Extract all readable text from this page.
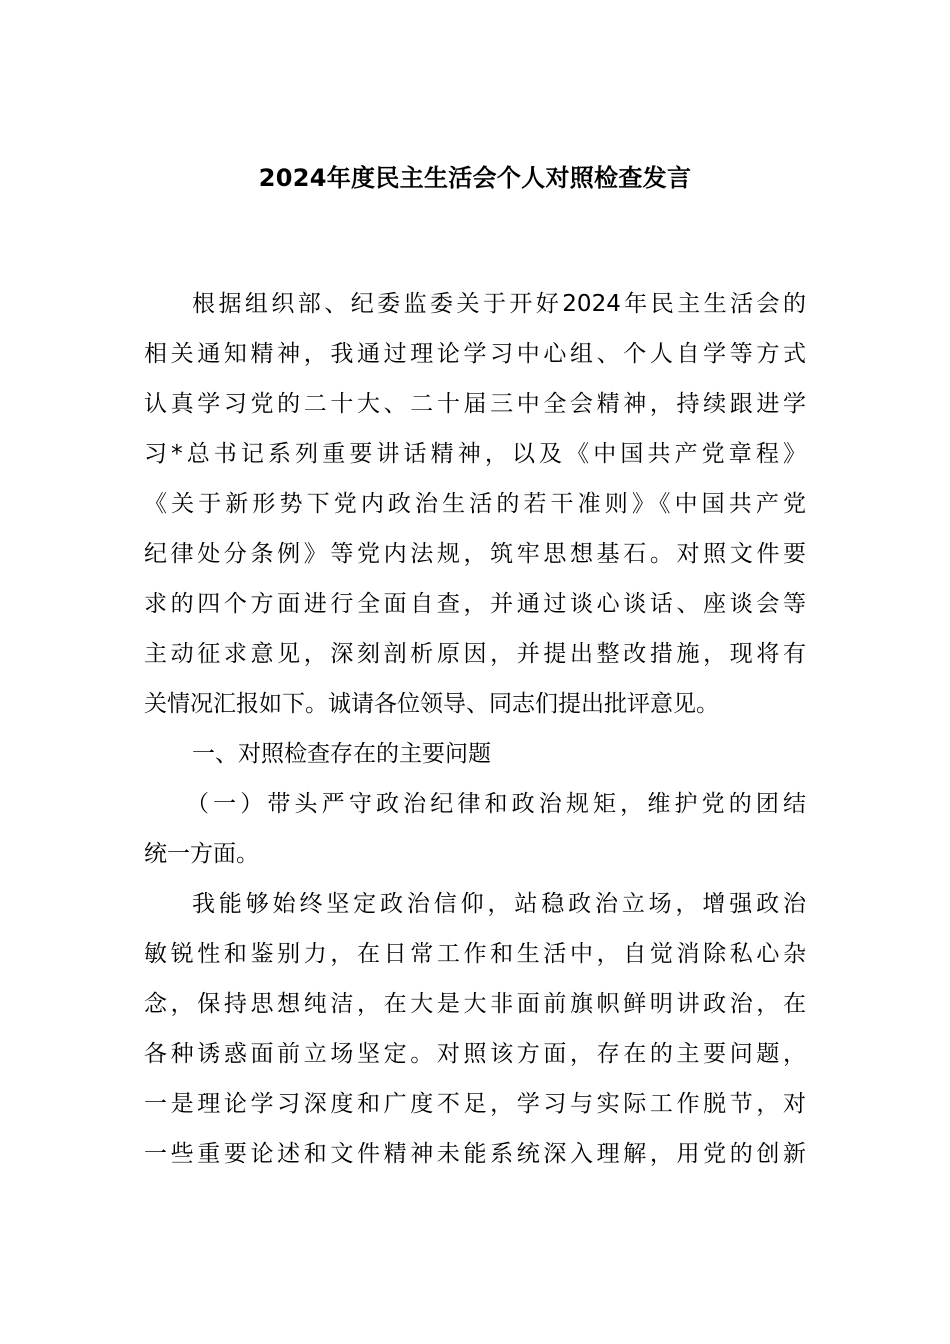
2024年度民主生活会个人对照检查发言
根据组织部、纪委监委关于开好2024年民主生活会的
相关通知精神，我通过理论学习中心组、个人自学等方式
认真学习党的二十大、二十届三中全会精神，持续跟进学
习*总书记系列重要讲话精神，以及《中国共产党章程》
《关于新形势下党内政治生活的若干准则》《中国共产党
纪律处分条例》等党内法规，筑牢思想基石。对照文件要
求的四个方面进行全面自查，并通过谈心谈话、座谈会等
主动征求意见，深刻剖析原因，并提出整改措施，现将有
关情况汇报如下。诚请各位领导、同志们提出批评意见。
一、对照检查存在的主要问题
（一）带头严守政治纪律和政治规矩，维护党的团结
统一方面。
我能够始终坚定政治信仰，站稳政治立场，增强政治
敏锐性和鉴别力，在日常工作和生活中，自觉消除私心杂
念，保持思想纯洁，在大是大非面前旗帜鲜明讲政治，在
各种诱惑面前立场坚定。对照该方面，存在的主要问题，
一是理论学习深度和广度不足，学习与实际工作脱节，对
一些重要论述和文件精神未能系统深入理解，用党的创新
